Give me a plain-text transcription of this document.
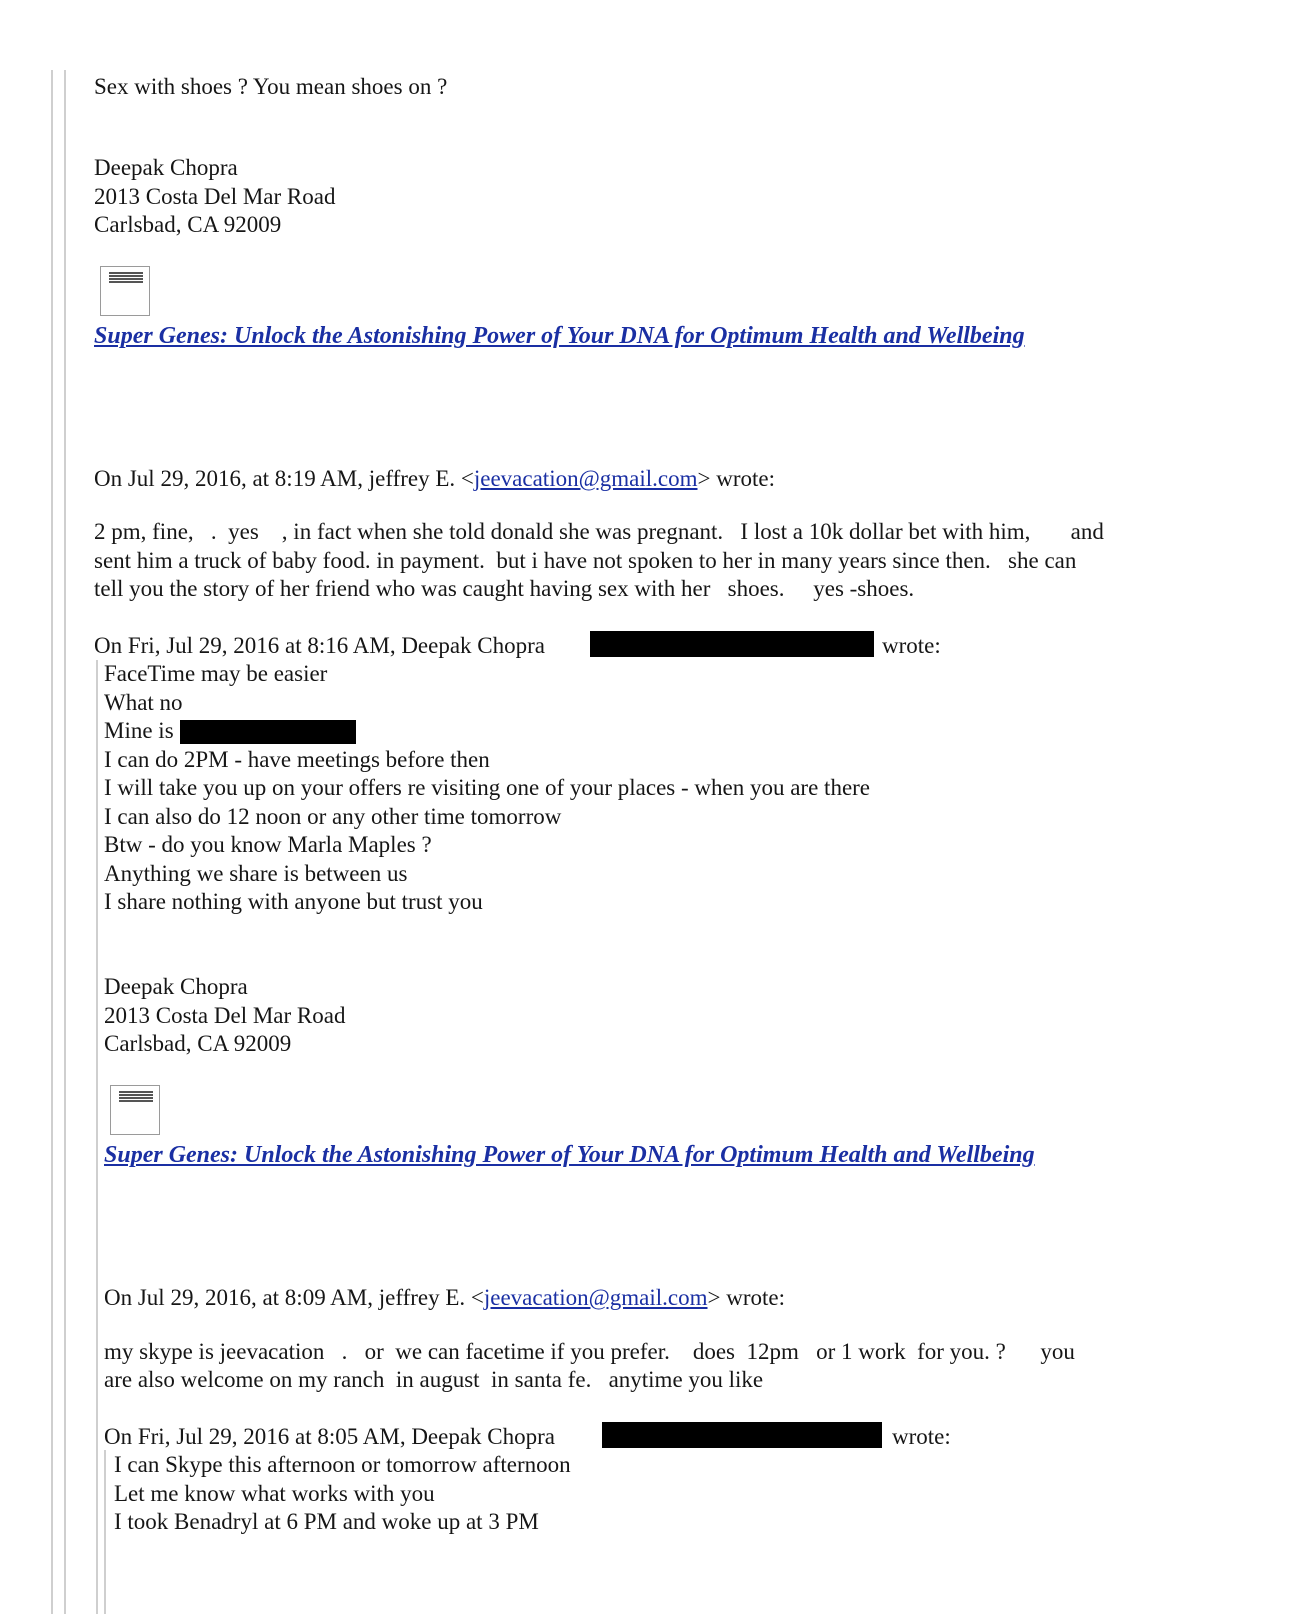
Sex with shoes ? You mean shoes on ?
Deepak Chopra
2013 Costa Del Mar Road
Carlsbad, CA 92009
Super Genes: Unlock the Astonishing Power of Your DNA for Optimum Health and Wellbeing
On Jul 29, 2016, at 8:19 AM, jeffrey E. <jeevacation@gmail.com> wrote:
2 pm, fine,   .  yes    , in fact when she told donald she was pregnant.   I lost a 10k dollar bet with him,       and
sent him a truck of baby food. in payment.  but i have not spoken to her in many years since then.   she can
tell you the story of her friend who was caught having sex with her   shoes.     yes -shoes.
On Fri, Jul 29, 2016 at 8:16 AM, Deepak Chopra	wrote:
FaceTime may be easier
What no
Mine is
I can do 2PM - have meetings before then
I will take you up on your offers re visiting one of your places - when you are there
I can also do 12 noon or any other time tomorrow
Btw - do you know Marla Maples ?
Anything we share is between us
I share nothing with anyone but trust you
Deepak Chopra
2013 Costa Del Mar Road
Carlsbad, CA 92009
Super Genes: Unlock the Astonishing Power of Your DNA for Optimum Health and Wellbeing
On Jul 29, 2016, at 8:09 AM, jeffrey E. <jeevacation@gmail.com> wrote:
my skype is jeevacation   .   or  we can facetime if you prefer.    does  12pm   or 1 work  for you. ?      you
are also welcome on my ranch  in august  in santa fe.   anytime you like
On Fri, Jul 29, 2016 at 8:05 AM, Deepak Chopra	wrote:
I can Skype this afternoon or tomorrow afternoon
Let me know what works with you
I took Benadryl at 6 PM and woke up at 3 PM
